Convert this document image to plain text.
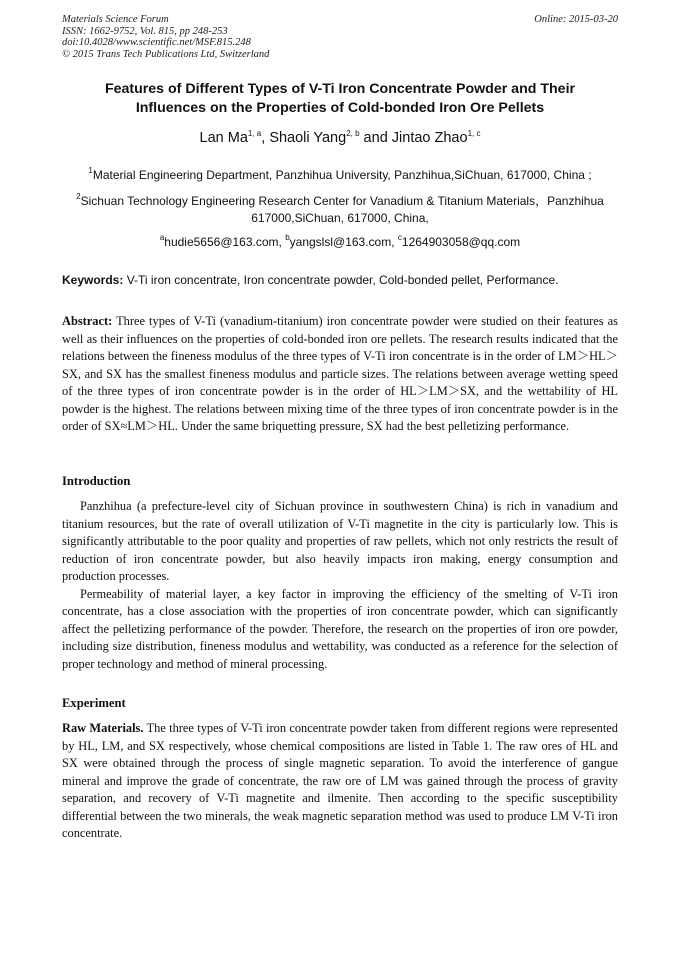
Materials Science Forum
ISSN: 1662-9752, Vol. 815, pp 248-253
doi:10.4028/www.scientific.net/MSF.815.248
© 2015 Trans Tech Publications Ltd, Switzerland
Online: 2015-03-20
Features of Different Types of V-Ti Iron Concentrate Powder and Their
Influences on the Properties of Cold-bonded Iron Ore Pellets
Lan Ma$^{1, a}$, Shaoli Yang$^{2, b}$ and Jintao Zhao$^{1, c}$
$^1$Material Engineering Department, Panzhihua University, Panzhihua,SiChuan, 617000, China ;
$^2$Sichuan Technology Engineering Research Center for Vanadium & Titanium Materials，Panzhihua
617000,SiChuan, 617000, China,
$^a$hudie5656@163.com, $^b$yangslsl@163.com, $^c$1264903058@qq.com
Keywords: V-Ti iron concentrate, Iron concentrate powder, Cold-bonded pellet, Performance.
Abstract: Three types of V-Ti (vanadium-titanium) iron concentrate powder were studied on their features as well as their influences on the properties of cold-bonded iron ore pellets. The research results indicated that the relations between the fineness modulus of the three types of V-Ti iron concentrate is in the order of LM＞HL＞SX, and SX has the smallest fineness modulus and particle sizes. The relations between average wetting speed of the three types of iron concentrate powder is in the order of HL＞LM＞SX, and the wettability of HL powder is the highest. The relations between mixing time of the three types of iron concentrate powder is in the order of SX≈LM＞HL. Under the same briquetting pressure, SX had the best pelletizing performance.
Introduction

Panzhihua (a prefecture-level city of Sichuan province in southwestern China) is rich in vanadium and titanium resources, but the rate of overall utilization of V-Ti magnetite in the city is particularly low. This is significantly attributable to the poor quality and properties of raw pellets, which not only restricts the result of reduction of iron concentrate powder, but also heavily impacts iron making, energy consumption and production processes.

Permeability of material layer, a key factor in improving the efficiency of the smelting of V-Ti iron concentrate, has a close association with the properties of iron concentrate powder, which can significantly affect the pelletizing performance of the powder. Therefore, the research on the properties of iron ore powder, including size distribution, fineness modulus and wettability, was conducted as a reference for the selection of proper technology and method of mineral processing.

Experiment
Raw Materials. The three types of V-Ti iron concentrate powder taken from different regions were represented by HL, LM, and SX respectively, whose chemical compositions are listed in Table 1. The raw ores of HL and SX were obtained through the process of single magnetic separation. To avoid the interference of gangue mineral and improve the grade of concentrate, the raw ore of LM was gained through the process of gravity separation, and recovery of V-Ti magnetite and ilmenite. Then according to the specific susceptibility differential between the two minerals, the weak magnetic separation method was used to produce LM V-Ti iron concentrate.
